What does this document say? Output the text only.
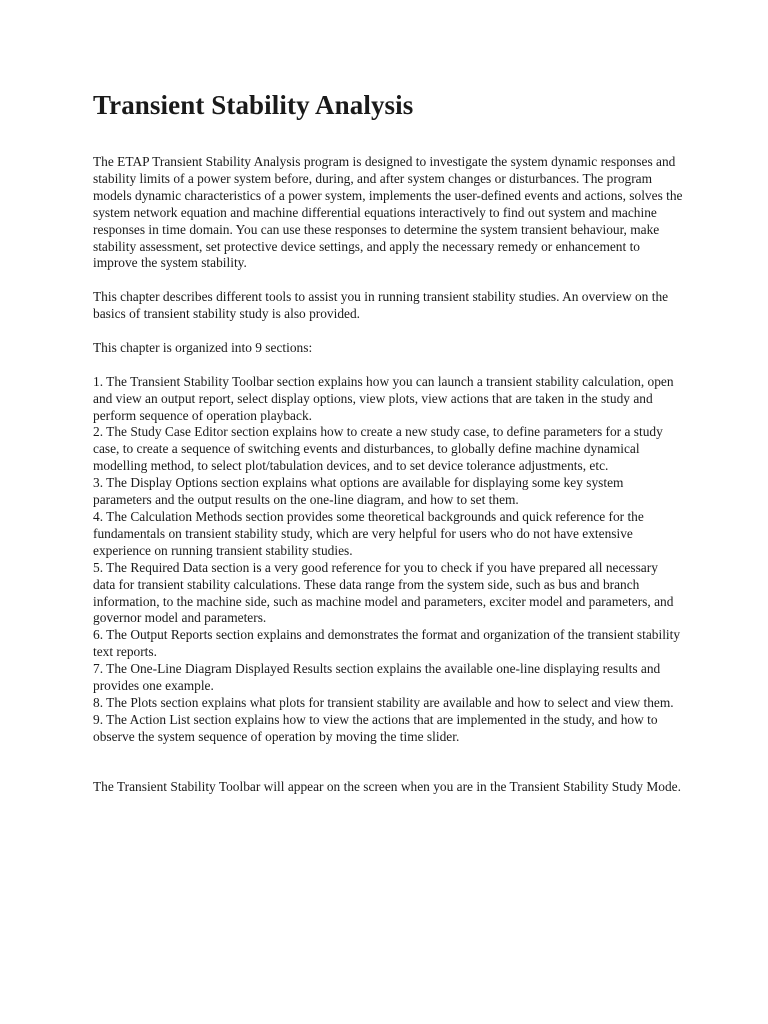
Transient Stability Analysis

The ETAP Transient Stability Analysis program is designed to investigate the system dynamic responses and stability limits of a power system before, during, and after system changes or disturbances. The program models dynamic characteristics of a power system, implements the user-defined events and actions, solves the system network equation and machine differential equations interactively to find out system and machine responses in time domain. You can use these responses to determine the system transient behaviour, make stability assessment, set protective device settings, and apply the necessary remedy or enhancement to improve the system stability.

This chapter describes different tools to assist you in running transient stability studies. An overview on the basics of transient stability study is also provided.

This chapter is organized into 9 sections:

1. The Transient Stability Toolbar section explains how you can launch a transient stability calculation, open and view an output report, select display options, view plots, view actions that are taken in the study and perform sequence of operation playback.
2. The Study Case Editor section explains how to create a new study case, to define parameters for a study case, to create a sequence of switching events and disturbances, to globally define machine dynamical modelling method, to select plot/tabulation devices, and to set device tolerance adjustments, etc.
3. The Display Options section explains what options are available for displaying some key system parameters and the output results on the one-line diagram, and how to set them.
4. The Calculation Methods section provides some theoretical backgrounds and quick reference for the fundamentals on transient stability study, which are very helpful for users who do not have extensive experience on running transient stability studies.
5. The Required Data section is a very good reference for you to check if you have prepared all necessary data for transient stability calculations. These data range from the system side, such as bus and branch information, to the machine side, such as machine model and parameters, exciter model and parameters, and governor model and parameters.
6. The Output Reports section explains and demonstrates the format and organization of the transient stability text reports.
7. The One-Line Diagram Displayed Results section explains the available one-line displaying results and provides one example.
8. The Plots section explains what plots for transient stability are available and how to select and view them.
9. The Action List section explains how to view the actions that are implemented in the study, and how to observe the system sequence of operation by moving the time slider.

The Transient Stability Toolbar will appear on the screen when you are in the Transient Stability Study Mode.
